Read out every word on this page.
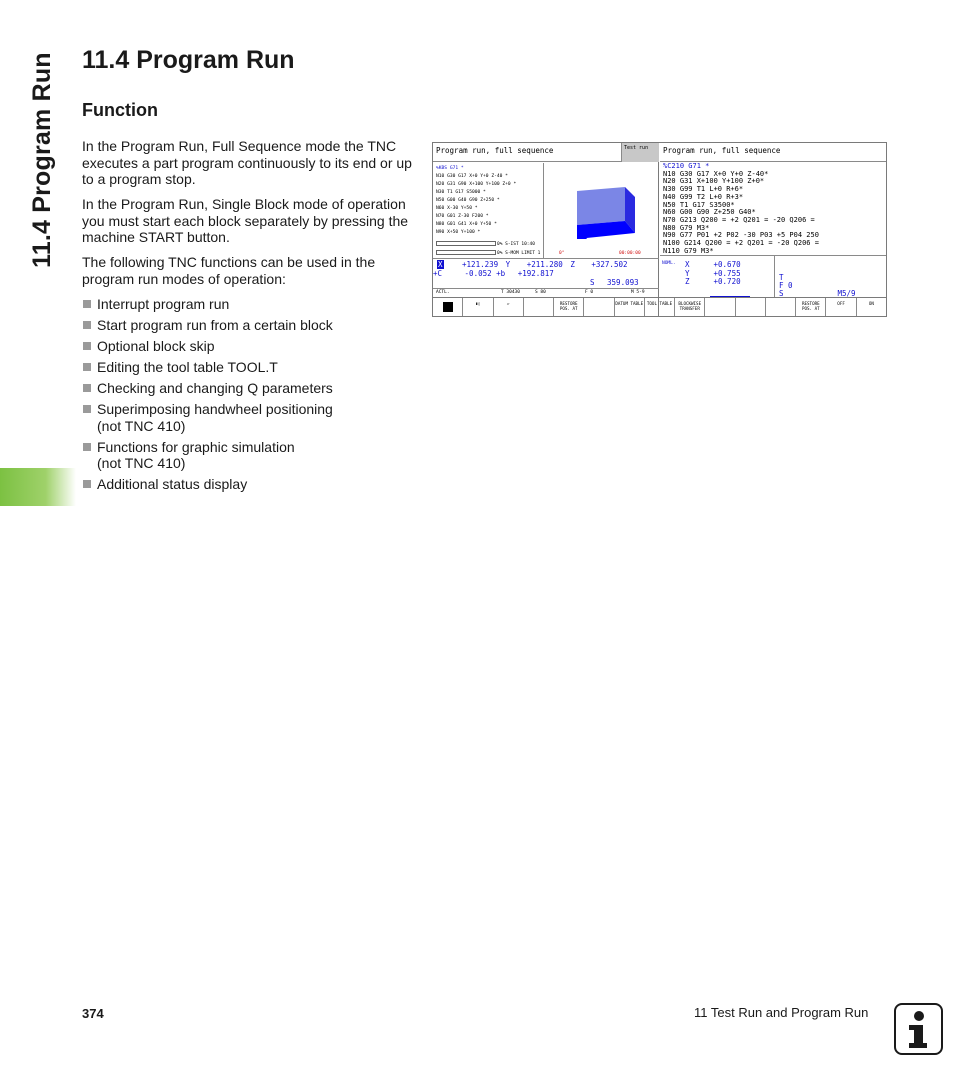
11.4 Program Run 11.4 Program Run
Function

In the Program Run, Full Sequence mode the TNC executes a part program continuously to its end or up to a program stop.

In the Program Run, Single Block mode of operation you must start each block separately by pressing the machine START button.

The following TNC functions can be used in the program run modes of operation:

Interrupt program run
Start program run from a certain block
Optional block skip
Editing the tool table TOOL.T
Checking and changing Q parameters
Superimposing handwheel positioning (not TNC 410)
Functions for graphic simulation (not TNC 410)
Additional status display
Program run, full sequence	Test run
%KBS G71 *
N10 G30 G17 X+0 Y+0 Z-40 *
N20 G31 G90 X+100 Y+100 Z+0 *
N30 T1 G17 S5000 *
N50 G00 G40 G90 Z+250 *
N60 X-30 Y+50 *
N70 G01 Z-30 F200 *
N80 G01 G41 X+0 Y+50 *
N90 X+50 Y+100 *
0% S-IST 10:40
0% S-MOM LIMIT 1	0°	00:00:00
X	+121.239 Y +211.280 Z +327.502
+C	-0.052 +b +192.817
S 359.093
ACTL.	T 30430	S 80	F 0	M 5-9
Program run, full sequence
%C210 G71 *
N10 G30 G17 X+0 Y+0 Z-40*
N20 G31 X+100 Y+100 Z+0*
N30 G99 T1 L+0 R+6*
N40 G99 T2 L+0 R+3*
N50 T1 G17 S3500*
N60 G00 G90 Z+250 G40*
N70 G213 Q200 = +2 Q201 = -20 Q206 =
N80 G79 M3*
N90 G77 P01 +2 P02 -30 P03 +5 P04 250
N100 G214 Q200 = +2 Q201 = -20 Q206 =
N110 G79 M3*
NOML. X	+0.670
Y	+0.755
Z	+0.720	T
F 0
S	M5/9
▮▯	▱	RESTORE POS. AT
DATUM TABLE TOOL TABLE	BLOCKWISE TRANSFER
RESTORE POS. AT
OFF	ON
374	11 Test Run and Program Run
